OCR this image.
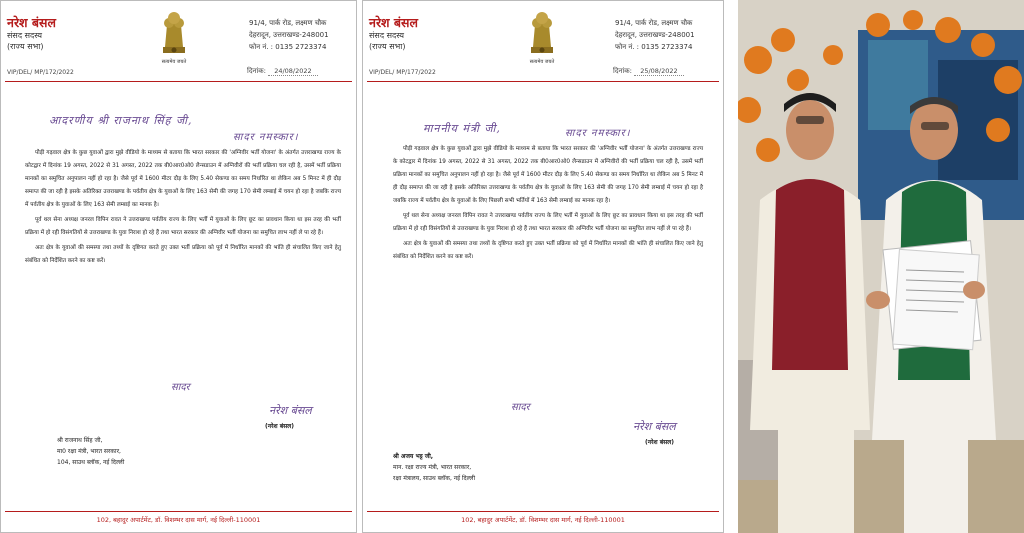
नरेश बंसल
संसद सदस्य
(राज्य सभा)
सत्यमेव जयते
91/4, पार्क रोड, लक्ष्मण चौक
देहरादून, उत्तराखण्ड-248001
फोन नं. : 0135 2723374
VIP/DEL/ MP/172/2022	दिनांक: 24/08/2022
आदरणीय श्री राजनाथ सिंह जी,
सादर नमस्कार।

पौड़ी गढ़वाल क्षेत्र के कुछ युवाओं द्वारा मुझे वीडियो के माध्यम से बताया कि भारत सरकार की 'अग्निवीर भर्ती योजना' के अंतर्गत उत्तराखण्ड राज्य के कोटद्वार में दिनांक 19 अगस्त, 2022 से 31 अगस्त, 2022 तक बी0आर0ओ0 लैन्सडाउन में अग्निवीरों की भर्ती प्रक्रिया चल रही है, उसमें भर्ती प्रक्रिया मानकों का समुचित अनुपालन नहीं हो रहा है। जैसे पूर्व में 1600 मीटर दौड़ के लिए 5.40 सेकण्ड का समय निर्धारित था लेकिन अब 5 मिनट में ही दौड़ समाप्त की जा रही है इसके अतिरिक्त उत्तराखण्ड के पर्वतीय क्षेत्र के युवाओं के लिए 163 सेमी की जगह 170 सेमी लम्बाई में चयन हो रहा है जबकि राज्य में पर्वतीय क्षेत्र के युवाओं के लिए 163 सेमी लम्बाई का मानक है।

पूर्व थल सेना अध्यक्ष जनरल विपिन रावत ने उत्तराखण्ड पर्वतीय राज्य के लिए भर्ती में युवाओं के लिए छूट का प्रावधान किया था इस तरह की भर्ती प्रक्रिया में हो रही विसंगतियों से उत्तराखण्ड के युवा निराश हो रहे हैं तथा भारत सरकार की अग्निवीर भर्ती योजना का समुचित लाभ नहीं ले पा रहे हैं।

अतः क्षेत्र के युवाओं की समस्या तथा तथ्यों के दृष्टिगत करते हुए उक्त भर्ती प्रक्रिया को पूर्व में निर्धारित मानकों की भांति ही संचालित किए जाने हेतु संबंधित को निर्देशित करने का कष्ट करें।

सादर
नरेश बंसल
(नरेश बंसल)
श्री राजनाथ सिंह जी,
मा0 रक्षा मंत्री, भारत सरकार,
104, साउथ ब्लॉक, नई दिल्ली
102, बहादुर अपार्टमेंट, डॉ. विशम्भर दास मार्ग, नई दिल्ली-110001
नरेश बंसल
संसद सदस्य
(राज्य सभा)
सत्यमेव जयते
91/4, पार्क रोड, लक्ष्मण चौक
देहरादून, उत्तराखण्ड-248001
फोन नं. : 0135 2723374
VIP/DEL/ MP/177/2022	दिनांक: 25/08/2022
माननीय मंत्री जी,	सादर नमस्कार।

पौड़ी गढ़वाल क्षेत्र के कुछ युवाओं द्वारा मुझे वीडियो के माध्यम से बताया कि भारत सरकार की 'अग्निवीर भर्ती योजना' के अंतर्गत उत्तराखण्ड राज्य के कोटद्वार में दिनांक 19 अगस्त, 2022 से 31 अगस्त, 2022 तक बी0आर0ओ0 लैन्सडाउन में अग्निवीरों की भर्ती प्रक्रिया चल रही है, उसमें भर्ती प्रक्रिया मानकों का समुचित अनुपालन नहीं हो रहा है। जैसे पूर्व में 1600 मीटर दौड़ के लिए 5.40 सेकण्ड का समय निर्धारित था लेकिन अब 5 मिनट में ही दौड़ समाप्त की जा रही है इसके अतिरिक्त उत्तराखण्ड के पर्वतीय क्षेत्र के युवाओं के लिए 163 सेमी की जगह 170 सेमी लम्बाई में चयन हो रहा है जबकि राज्य में पर्वतीय क्षेत्र के युवाओं के लिए पिछली सभी भर्तियों में 163 सेमी लम्बाई का मानक रहा है।

पूर्व थल सेना अध्यक्ष जनरल विपिन रावत ने उत्तराखण्ड पर्वतीय राज्य के लिए भर्ती में युवाओं के लिए छूट का प्रावधान किया था इस तरह की भर्ती प्रक्रिया में हो रही विसंगतियों से उत्तराखण्ड के युवा निराश हो रहे हैं तथा भारत सरकार की अग्निवीर भर्ती योजना का समुचित लाभ नहीं ले पा रहे हैं।

अतः क्षेत्र के युवाओं की समस्या तथा तथ्यों के दृष्टिगत करते हुए उक्त भर्ती प्रक्रिया को पूर्व में निर्धारित मानकों की भांति ही संचालित किए जाने हेतु संबंधित को निर्देशित करने का कष्ट करें।

सादर
नरेश बंसल
(नरेश बंसल)
श्री अजय भट्ट जी,
मान. रक्षा राज्य मंत्री, भारत सरकार,
रक्षा मंत्रालय, साउथ ब्लॉक, नई दिल्ली
102, बहादुर अपार्टमेंट, डॉ. विशम्भर दास मार्ग, नई दिल्ली-110001
